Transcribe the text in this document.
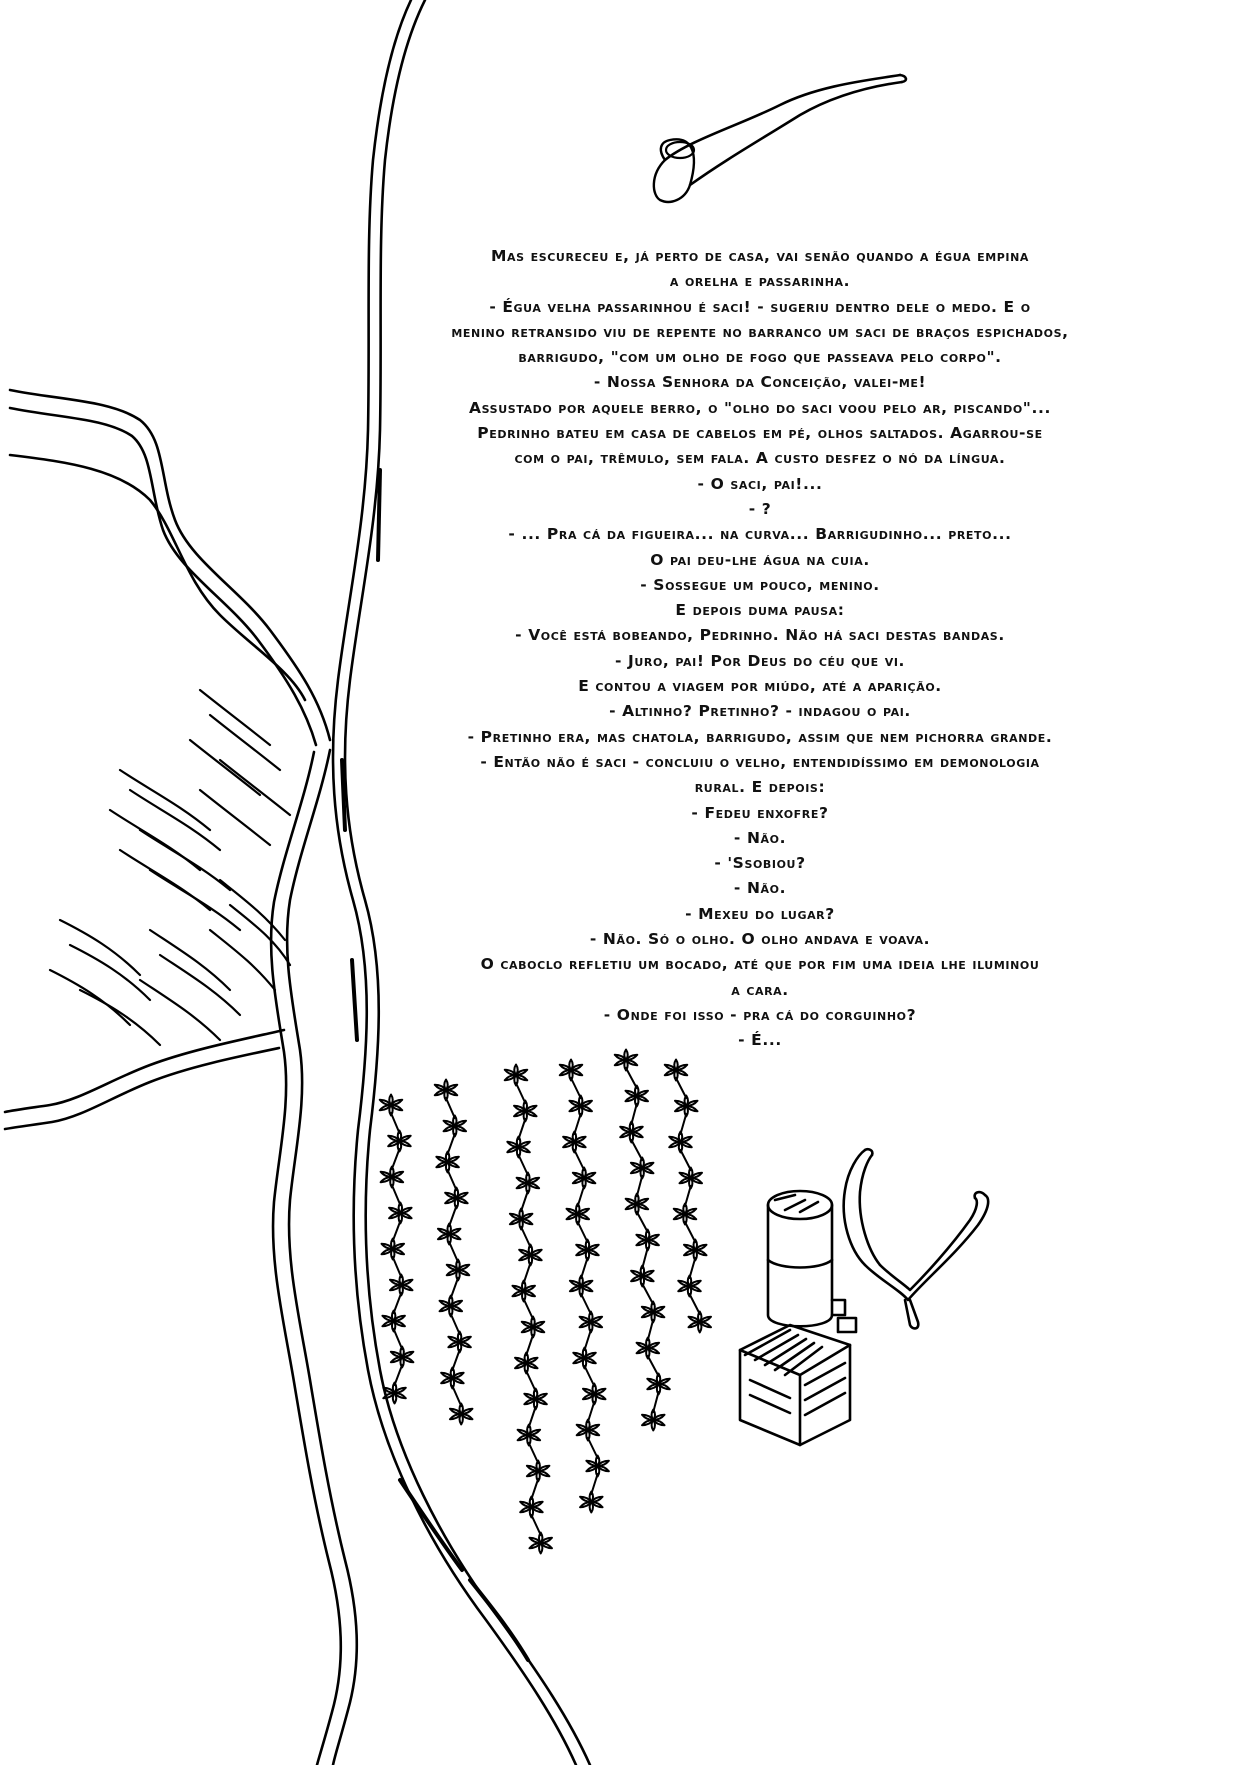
Mas escureceu e, já perto de casa, vai senão quando a égua empina
a orelha e passarinha.
- Égua velha passarinhou é saci! - sugeriu dentro dele o medo. E o
menino retransido viu de repente no barranco um saci de braços espichados,
barrigudo, "com um olho de fogo que passeava pelo corpo".
- Nossa Senhora da Conceição, valei-me!
Assustado por aquele berro, o "olho do saci voou pelo ar, piscando"...
Pedrinho bateu em casa de cabelos em pé, olhos saltados. Agarrou-se
com o pai, trêmulo, sem fala. A custo desfez o nó da língua.
- O saci, pai!...
- ?
- ... Pra cá da figueira... na curva... Barrigudinho... preto...
O pai deu-lhe água na cuia.
- Sossegue um pouco, menino.
E depois duma pausa:
- Você está bobeando, Pedrinho. Não há saci destas bandas.
- Juro, pai! Por Deus do céu que vi.
E contou a viagem por miúdo, até a aparição.
- Altinho? Pretinho? - indagou o pai.
- Pretinho era, mas chatola, barrigudo, assim que nem pichorra grande.
- Então não é saci - concluiu o velho, entendidíssimo em demonologia
rural. E depois:
- Fedeu enxofre?
- Não.
- 'Ssobiou?
- Não.
- Mexeu do lugar?
- Não. Só o olho. O olho andava e voava.
O caboclo refletiu um bocado, até que por fim uma ideia lhe iluminou
a cara.
- Onde foi isso - pra cá do corguinho?
- É...
